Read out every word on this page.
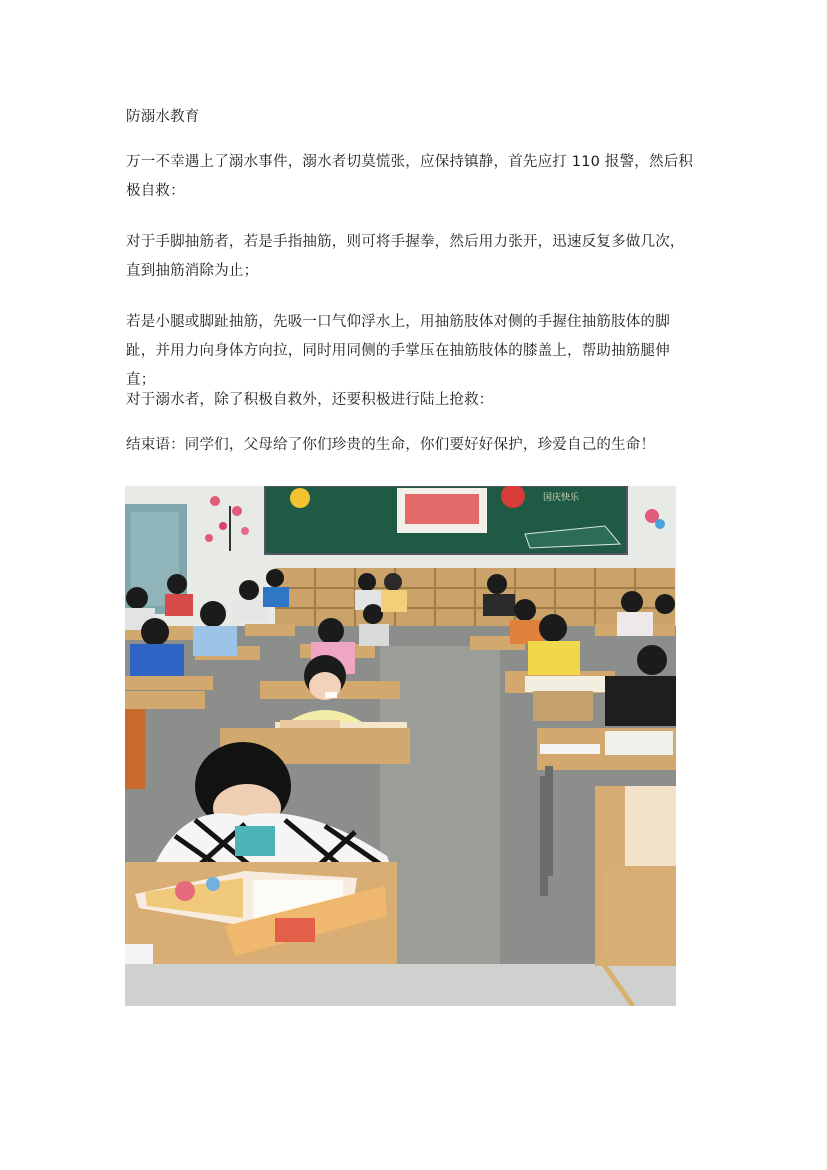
防溺水教育
万一不幸遇上了溺水事件，溺水者切莫慌张，应保持镇静，首先应打 110 报警，然后积极自救：
对于手脚抽筋者，若是手指抽筋，则可将手握拳，然后用力张开，迅速反复多做几次，直到抽筋消除为止；
若是小腿或脚趾抽筋，先吸一口气仰浮水上，用抽筋肢体对侧的手握住抽筋肢体的脚趾，并用力向身体方向拉，同时用同侧的手掌压在抽筋肢体的膝盖上，帮助抽筋腿伸直；
对于溺水者，除了积极自救外，还要积极进行陆上抢救：
结束语：同学们，父母给了你们珍贵的生命，你们要好好保护，珍爱自己的生命！
国庆快乐
